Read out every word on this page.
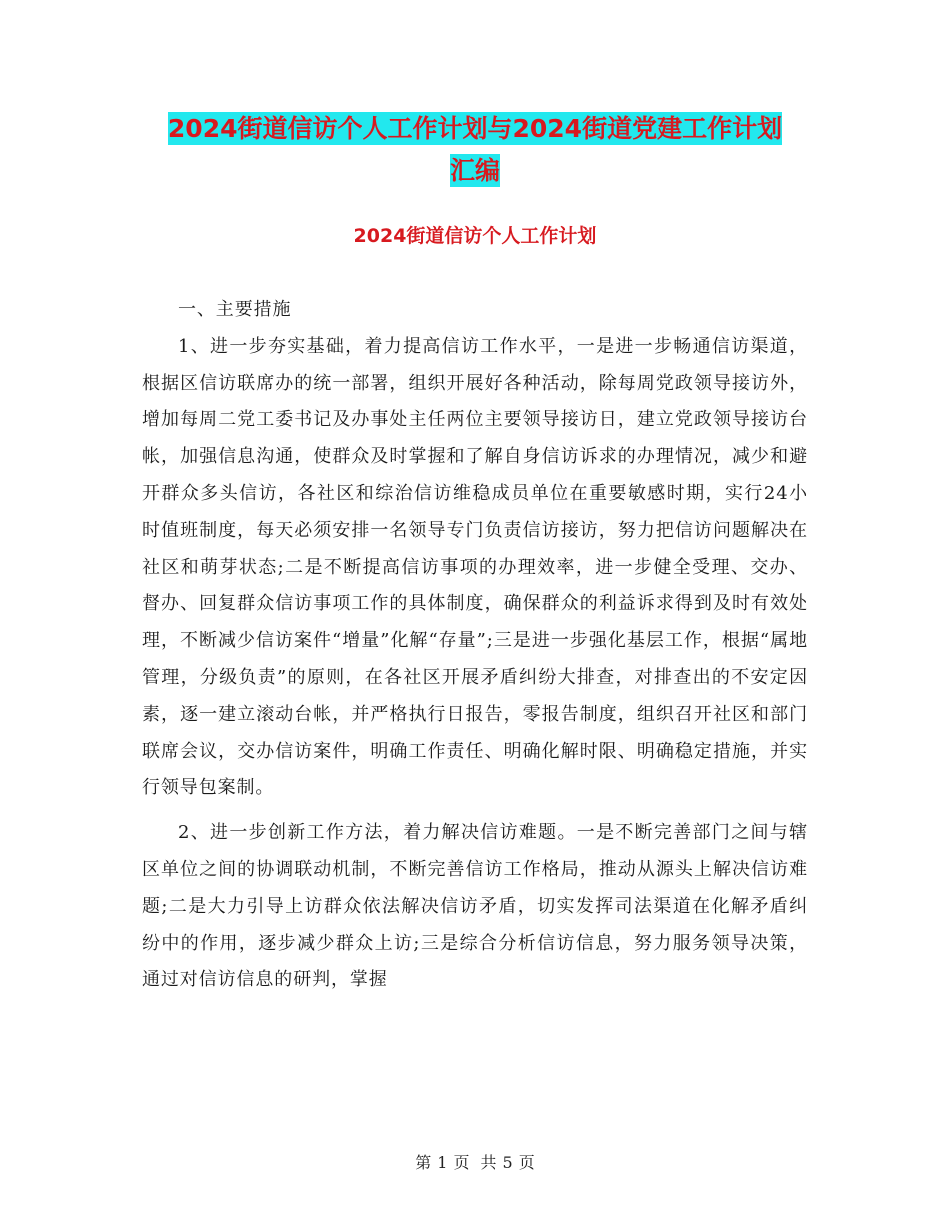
2024街道信访个人工作计划与2024街道党建工作计划
汇编
2024街道信访个人工作计划

一、主要措施

1、进一步夯实基础，着力提高信访工作水平，一是进一步畅通信访渠道，根据区信访联席办的统一部署，组织开展好各种活动，除每周党政领导接访外，增加每周二党工委书记及办事处主任两位主要领导接访日，建立党政领导接访台帐，加强信息沟通，使群众及时掌握和了解自身信访诉求的办理情况，减少和避开群众多头信访，各社区和综治信访维稳成员单位在重要敏感时期，实行24小时值班制度，每天必须安排一名领导专门负责信访接访，努力把信访问题解决在社区和萌芽状态;二是不断提高信访事项的办理效率，进一步健全受理、交办、督办、回复群众信访事项工作的具体制度，确保群众的利益诉求得到及时有效处理，不断减少信访案件“增量”化解“存量”;三是进一步强化基层工作，根据“属地管理，分级负责”的原则，在各社区开展矛盾纠纷大排查，对排查出的不安定因素，逐一建立滚动台帐，并严格执行日报告，零报告制度，组织召开社区和部门联席会议，交办信访案件，明确工作责任、明确化解时限、明确稳定措施，并实行领导包案制。

2、进一步创新工作方法，着力解决信访难题。一是不断完善部门之间与辖区单位之间的协调联动机制，不断完善信访工作格局，推动从源头上解决信访难题;二是大力引导上访群众依法解决信访矛盾，切实发挥司法渠道在化解矛盾纠纷中的作用，逐步减少群众上访;三是综合分析信访信息，努力服务领导决策，通过对信访信息的研判，掌握

第 1 页 共 5 页
